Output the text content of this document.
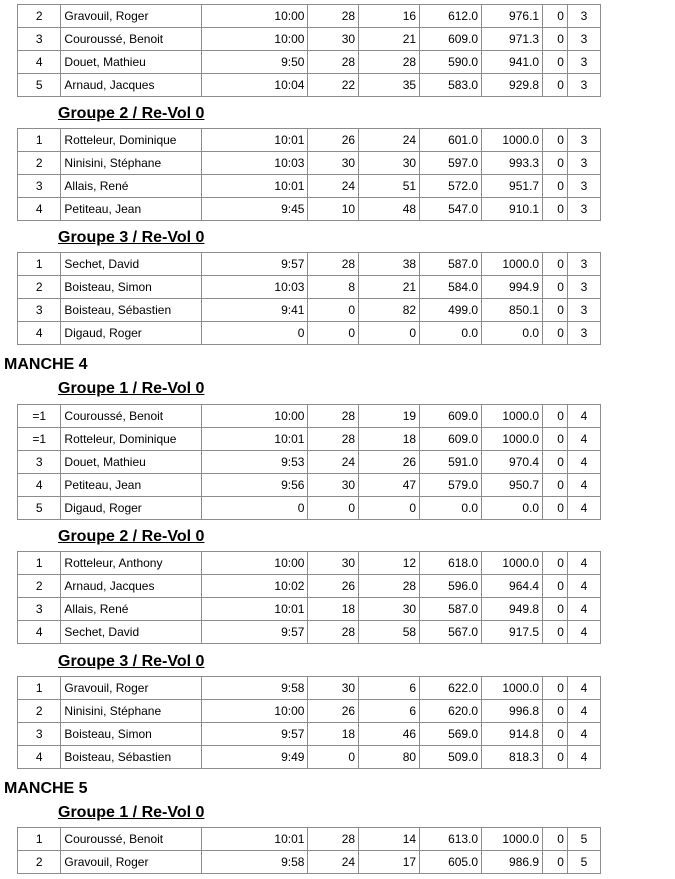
2	Gravouil, Roger	10:00	28	16	612.0	976.1	0	3
3	Couroussé, Benoit	10:00	30	21	609.0	971.3	0	3
4	Douet, Mathieu	9:50	28	28	590.0	941.0	0	3
5	Arnaud, Jacques	10:04	22	35	583.0	929.8	0	3
Groupe 2 / Re-Vol 0
1	Rotteleur, Dominique	10:01	26	24	601.0	1000.0	0	3
2	Ninisini, Stéphane	10:03	30	30	597.0	993.3	0	3
3	Allais, René	10:01	24	51	572.0	951.7	0	3
4	Petiteau, Jean	9:45	10	48	547.0	910.1	0	3
Groupe 3 / Re-Vol 0
1	Sechet, David	9:57	28	38	587.0	1000.0	0	3
2	Boisteau, Simon	10:03	8	21	584.0	994.9	0	3
3	Boisteau, Sébastien	9:41	0	82	499.0	850.1	0	3
4	Digaud, Roger	0	0	0	0.0	0.0	0	3
MANCHE 4
Groupe 1 / Re-Vol 0
=1	Couroussé, Benoit	10:00	28	19	609.0	1000.0	0	4
=1	Rotteleur, Dominique	10:01	28	18	609.0	1000.0	0	4
3	Douet, Mathieu	9:53	24	26	591.0	970.4	0	4
4	Petiteau, Jean	9:56	30	47	579.0	950.7	0	4
5	Digaud, Roger	0	0	0	0.0	0.0	0	4
Groupe 2 / Re-Vol 0
1	Rotteleur, Anthony	10:00	30	12	618.0	1000.0	0	4
2	Arnaud, Jacques	10:02	26	28	596.0	964.4	0	4
3	Allais, René	10:01	18	30	587.0	949.8	0	4
4	Sechet, David	9:57	28	58	567.0	917.5	0	4
Groupe 3 / Re-Vol 0
1	Gravouil, Roger	9:58	30	6	622.0	1000.0	0	4
2	Ninisini, Stéphane	10:00	26	6	620.0	996.8	0	4
3	Boisteau, Simon	9:57	18	46	569.0	914.8	0	4
4	Boisteau, Sébastien	9:49	0	80	509.0	818.3	0	4
MANCHE 5
Groupe 1 / Re-Vol 0
1	Couroussé, Benoit	10:01	28	14	613.0	1000.0	0	5
2	Gravouil, Roger	9:58	24	17	605.0	986.9	0	5
